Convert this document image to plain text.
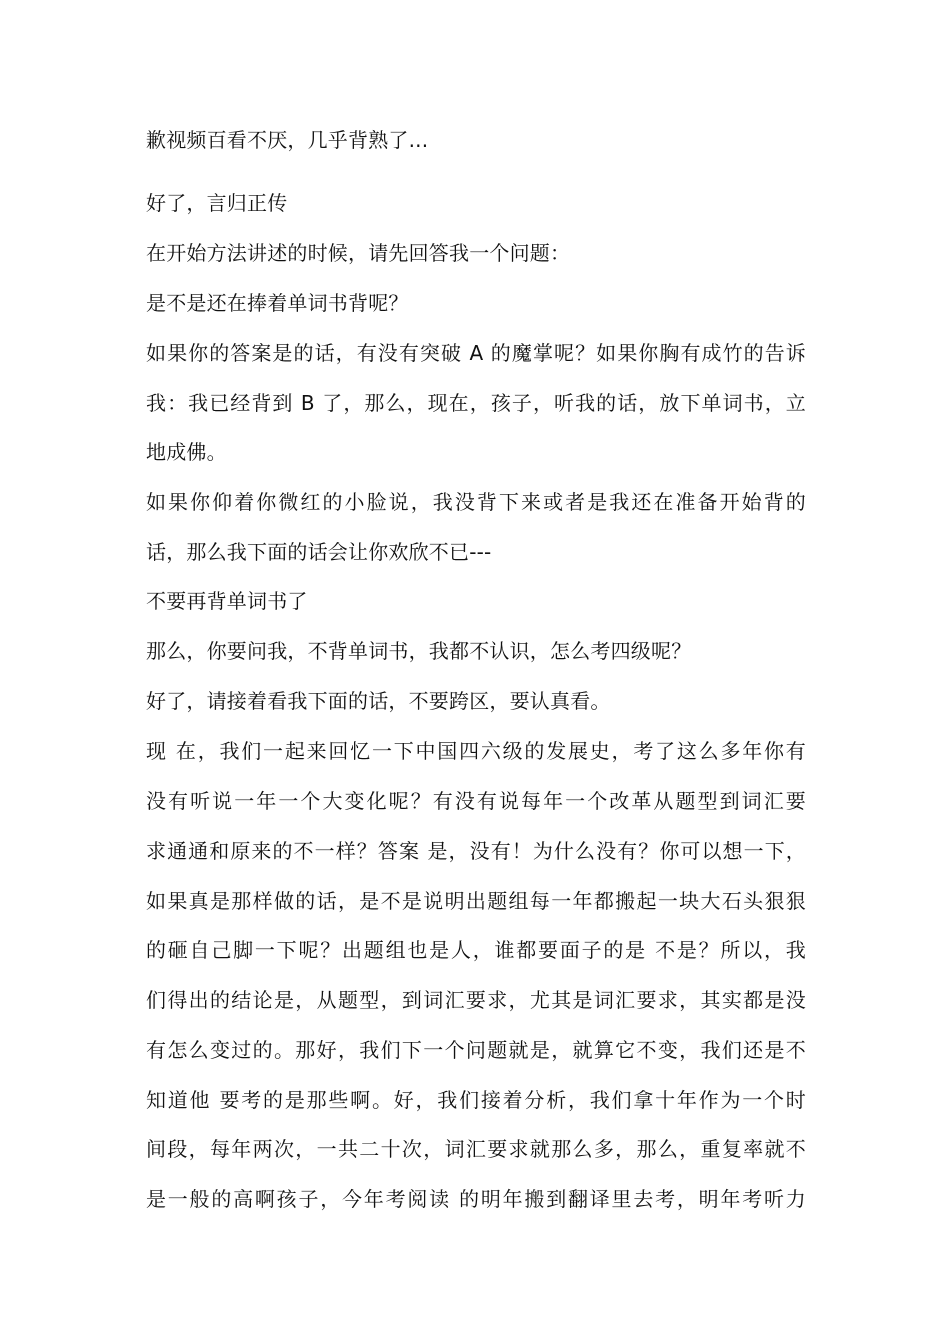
歉视频百看不厌，几乎背熟了...
好了，言归正传
在开始方法讲述的时候，请先回答我一个问题：
是不是还在捧着单词书背呢？
如果你的答案是的话，有没有突破 A 的魔掌呢？如果你胸有成竹的告诉
我：我已经背到 B 了，那么，现在，孩子，听我的话，放下单词书，立
地成佛。
如果你仰着你微红的小脸说，我没背下来或者是我还在准备开始背的
话，那么我下面的话会让你欢欣不已---
不要再背单词书了
那么，你要问我，不背单词书，我都不认识，怎么考四级呢？
好了，请接着看我下面的话，不要跨区，要认真看。
现 在，我们一起来回忆一下中国四六级的发展史，考了这么多年你有
没有听说一年一个大变化呢？有没有说每年一个改革从题型到词汇要
求通通和原来的不一样？答案 是，没有！为什么没有？你可以想一下，
如果真是那样做的话，是不是说明出题组每一年都搬起一块大石头狠狠
的砸自己脚一下呢？出题组也是人，谁都要面子的是 不是？所以，我
们得出的结论是，从题型，到词汇要求，尤其是词汇要求，其实都是没
有怎么变过的。那好，我们下一个问题就是，就算它不变，我们还是不
知道他 要考的是那些啊。好，我们接着分析，我们拿十年作为一个时
间段，每年两次，一共二十次，词汇要求就那么多，那么，重复率就不
是一般的高啊孩子，今年考阅读 的明年搬到翻译里去考，明年考听力
